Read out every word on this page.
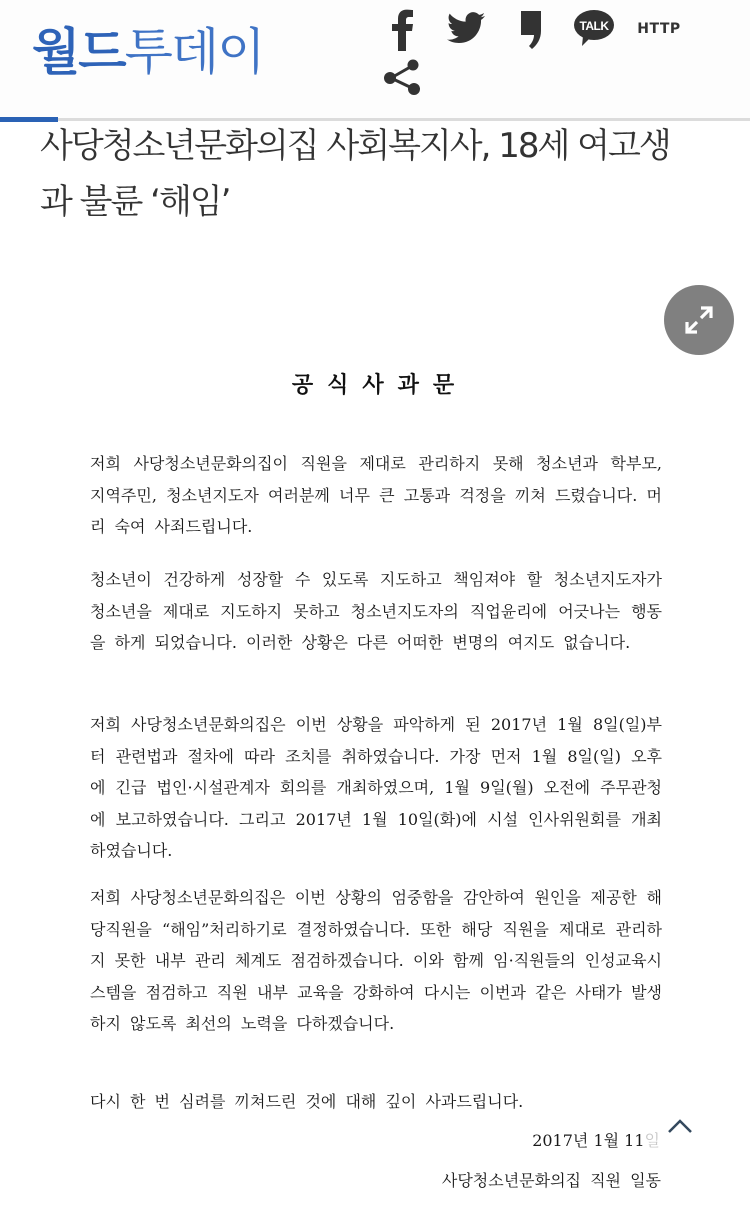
월드투데이	TALK HTTP
사당청소년문화의집 사회복지사, 18세 여고생과 불륜 ‘해임’
공식사과문

저희 사당청소년문화의집이 직원을 제대로 관리하지 못해 청소년과 학부모, 지역주민, 청소년지도자 여러분께 너무 큰 고통과 걱정을 끼쳐 드렸습니다. 머리 숙여 사죄드립니다.

청소년이 건강하게 성장할 수 있도록 지도하고 책임져야 할 청소년지도자가 청소년을 제대로 지도하지 못하고 청소년지도자의 직업윤리에 어긋나는 행동을 하게 되었습니다. 이러한 상황은 다른 어떠한 변명의 여지도 없습니다.

저희 사당청소년문화의집은 이번 상황을 파악하게 된 2017년 1월 8일(일)부터 관련법과 절차에 따라 조치를 취하였습니다. 가장 먼저 1월 8일(일) 오후에 긴급 법인·시설관계자 회의를 개최하였으며, 1월 9일(월) 오전에 주무관청에 보고하였습니다. 그리고 2017년 1월 10일(화)에 시설 인사위원회를 개최하였습니다.

저희 사당청소년문화의집은 이번 상황의 엄중함을 감안하여 원인을 제공한 해당직원을 “해임”처리하기로 결정하였습니다. 또한 해당 직원을 제대로 관리하지 못한 내부 관리 체계도 점검하겠습니다. 이와 함께 임·직원들의 인성교육시스템을 점검하고 직원 내부 교육을 강화하여 다시는 이번과 같은 사태가 발생하지 않도록 최선의 노력을 다하겠습니다.

다시 한 번 심려를 끼쳐드린 것에 대해 깊이 사과드립니다.

2017년 1월 11일
사당청소년문화의집 직원 일동
